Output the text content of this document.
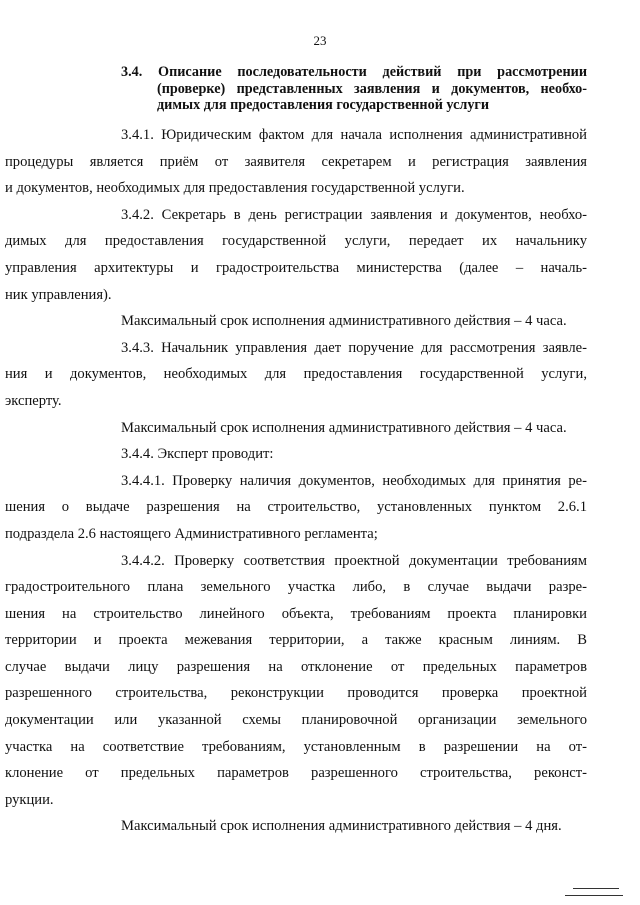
23
3.4. Описание последовательности действий при рассмотрении
(проверке) представленных заявления и документов, необхо-
димых для предоставления государственной услуги
3.4.1. Юридическим фактом для начала исполнения административной
процедуры является приём от заявителя секретарем и регистрация заявления
и документов, необходимых для предоставления государственной услуги.
3.4.2. Секретарь в день регистрации заявления и документов, необхо-
димых для предоставления государственной услуги, передает их начальнику
управления архитектуры и градостроительства министерства (далее – началь-
ник управления).
Максимальный срок исполнения административного действия – 4 часа.
3.4.3. Начальник управления дает поручение для рассмотрения заявле-
ния и документов, необходимых для предоставления государственной услуги,
эксперту.
Максимальный срок исполнения административного действия – 4 часа.
3.4.4. Эксперт проводит:
3.4.4.1. Проверку наличия документов, необходимых для принятия ре-
шения о выдаче разрешения на строительство, установленных пунктом 2.6.1
подраздела 2.6 настоящего Административного регламента;
3.4.4.2. Проверку соответствия проектной документации требованиям
градостроительного плана земельного участка либо, в случае выдачи разре-
шения на строительство линейного объекта, требованиям проекта планировки
территории и проекта межевания территории, а также красным линиям. В
случае выдачи лицу разрешения на отклонение от предельных параметров
разрешенного строительства, реконструкции проводится проверка проектной
документации или указанной схемы планировочной организации земельного
участка на соответствие требованиям, установленным в разрешении на от-
клонение от предельных параметров разрешенного строительства, реконст-
рукции.
Максимальный срок исполнения административного действия – 4 дня.
